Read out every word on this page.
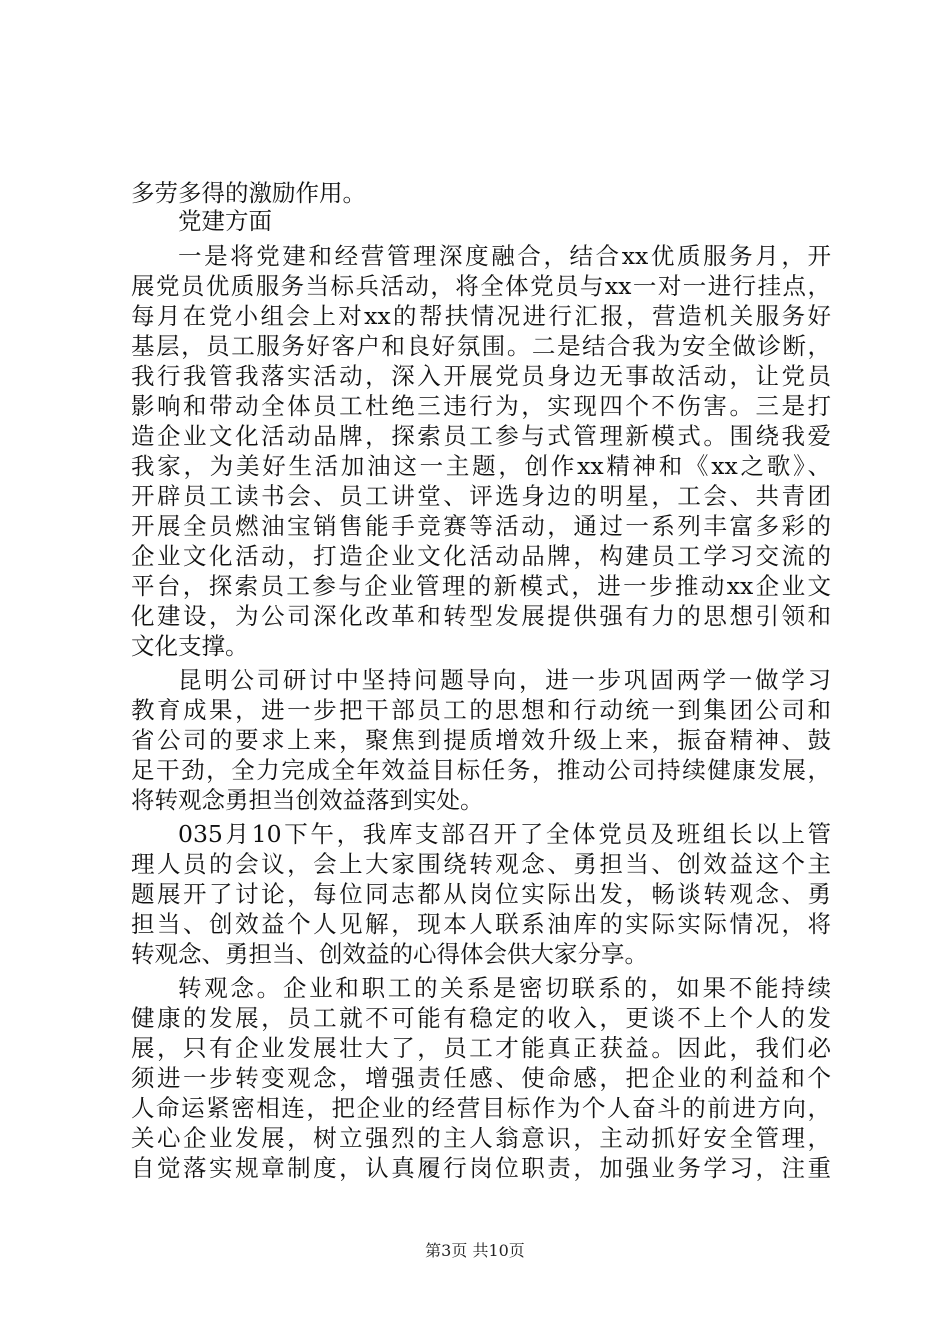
多劳多得的激励作用。
党建方面
一是将党建和经营管理深度融合，结合xx优质服务月，开
展党员优质服务当标兵活动，将全体党员与xx一对一进行挂点，
每月在党小组会上对xx的帮扶情况进行汇报，营造机关服务好
基层，员工服务好客户和良好氛围。二是结合我为安全做诊断，
我行我管我落实活动，深入开展党员身边无事故活动，让党员
影响和带动全体员工杜绝三违行为，实现四个不伤害。三是打
造企业文化活动品牌，探索员工参与式管理新模式。围绕我爱
我家，为美好生活加油这一主题，创作xx精神和《xx之歌》、
开辟员工读书会、员工讲堂、评选身边的明星，工会、共青团
开展全员燃油宝销售能手竞赛等活动，通过一系列丰富多彩的
企业文化活动，打造企业文化活动品牌，构建员工学习交流的
平台，探索员工参与企业管理的新模式，进一步推动xx企业文
化建设，为公司深化改革和转型发展提供强有力的思想引领和
文化支撑。
昆明公司研讨中坚持问题导向，进一步巩固两学一做学习
教育成果，进一步把干部员工的思想和行动统一到集团公司和
省公司的要求上来，聚焦到提质增效升级上来，振奋精神、鼓
足干劲，全力完成全年效益目标任务，推动公司持续健康发展，
将转观念勇担当创效益落到实处。
035月10下午，我库支部召开了全体党员及班组长以上管
理人员的会议，会上大家围绕转观念、勇担当、创效益这个主
题展开了讨论，每位同志都从岗位实际出发，畅谈转观念、勇
担当、创效益个人见解，现本人联系油库的实际实际情况，将
转观念、勇担当、创效益的心得体会供大家分享。
转观念。企业和职工的关系是密切联系的，如果不能持续
健康的发展，员工就不可能有稳定的收入，更谈不上个人的发
展，只有企业发展壮大了，员工才能真正获益。因此，我们必
须进一步转变观念，增强责任感、使命感，把企业的利益和个
人命运紧密相连，把企业的经营目标作为个人奋斗的前进方向，
关心企业发展，树立强烈的主人翁意识，主动抓好安全管理，
自觉落实规章制度，认真履行岗位职责，加强业务学习，注重
第3页 共10页
